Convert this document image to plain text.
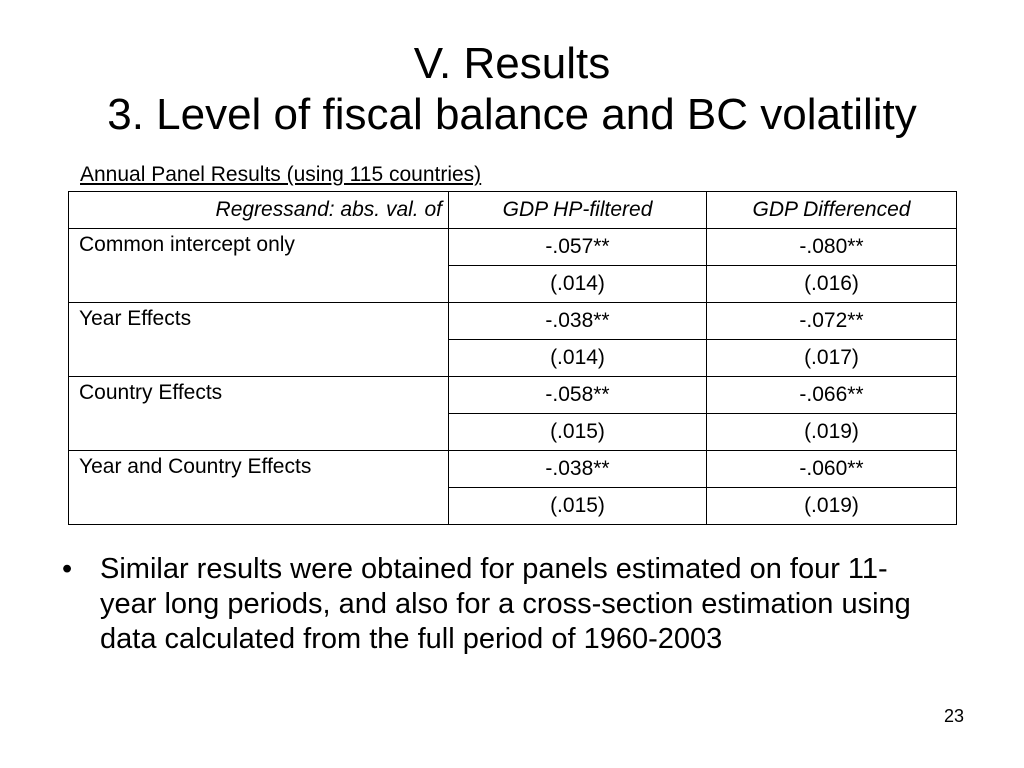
V. Results
3. Level of fiscal balance and BC volatility
Annual Panel Results (using 115 countries)
Regressand: abs. val. of	GDP HP-filtered	GDP Differenced
Common intercept only	-.057**	-.080**
	(.014)	(.016)
Year Effects	-.038**	-.072**
	(.014)	(.017)
Country Effects	-.058**	-.066**
	(.015)	(.019)
Year and Country Effects	-.038**	-.060**
	(.015)	(.019)
• Similar results were obtained for panels estimated on four 11-year long periods, and also for a cross-section estimation using data calculated from the full period of 1960-2003
23
